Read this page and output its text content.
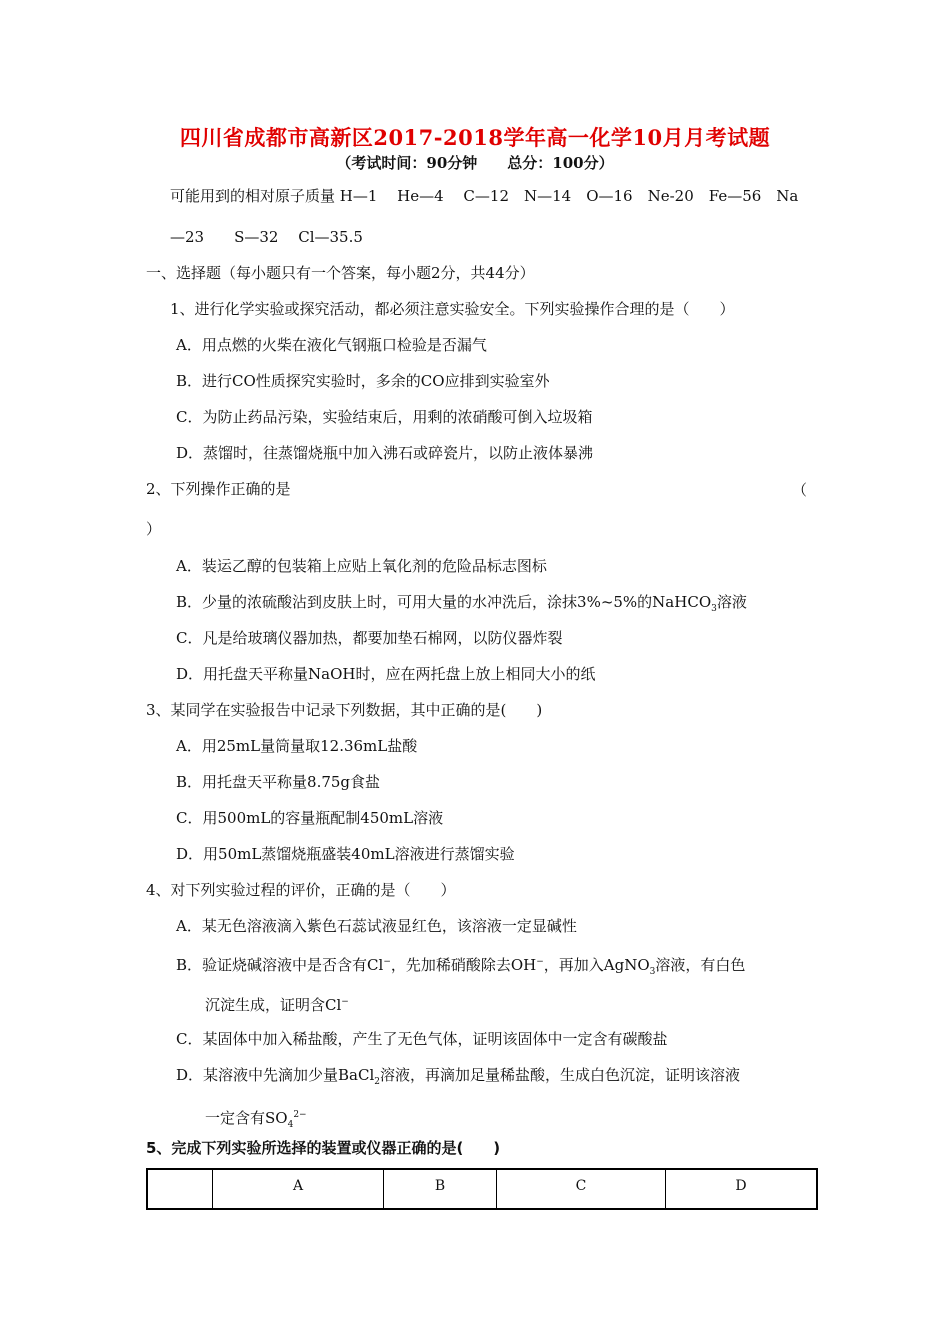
四川省成都市高新区2017-2018学年高一化学10月月考试题
（考试时间：90分钟　　总分：100分）
可能用到的相对原子质量 H—1　 He—4　 C—12　N—14　O—16　Ne-20　Fe—56　Na
—23　　S—32　 Cl—35.5
一、选择题（每小题只有一个答案，每小题2分，共44分）
1、进行化学实验或探究活动，都必须注意实验安全。下列实验操作合理的是（　　）
A．用点燃的火柴在液化气钢瓶口检验是否漏气
B．进行CO性质探究实验时，多余的CO应排到实验室外
C．为防止药品污染，实验结束后，用剩的浓硝酸可倒入垃圾箱
D．蒸馏时，往蒸馏烧瓶中加入沸石或碎瓷片，以防止液体暴沸
2、下列操作正确的是	（
）
A．装运乙醇的包装箱上应贴上氧化剂的危险品标志图标
B．少量的浓硫酸沾到皮肤上时，可用大量的水冲洗后，涂抹3%~5%的NaHCO$_3$溶液
C．凡是给玻璃仪器加热，都要加垫石棉网，以防仪器炸裂
D．用托盘天平称量NaOH时，应在两托盘上放上相同大小的纸
3、某同学在实验报告中记录下列数据，其中正确的是(　　)
A．用25mL量筒量取12.36mL盐酸
B．用托盘天平称量8.75g食盐
C．用500mL的容量瓶配制450mL溶液
D．用50mL蒸馏烧瓶盛装40mL溶液进行蒸馏实验
4、对下列实验过程的评价，正确的是（　　）
A．某无色溶液滴入紫色石蕊试液显红色，该溶液一定显碱性
B．验证烧碱溶液中是否含有Cl−，先加稀硝酸除去OH−，再加入AgNO$_3$溶液，有白色
沉淀生成，证明含Cl−
C．某固体中加入稀盐酸，产生了无色气体，证明该固体中一定含有碳酸盐
D．某溶液中先滴加少量BaCl$_2$溶液，再滴加足量稀盐酸，生成白色沉淀，证明该溶液
一定含有$SO_4^{2-}$
5、完成下列实验所选择的装置或仪器正确的是(　　)
	A	B	C	D
